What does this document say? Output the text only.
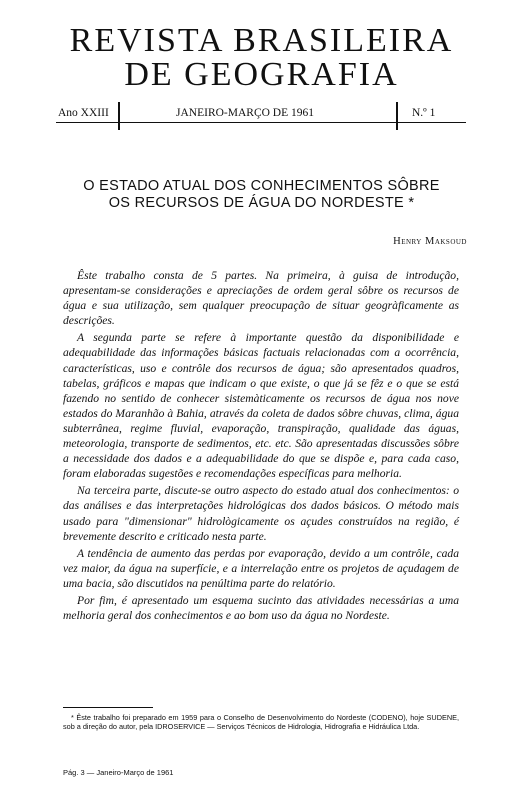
REVISTA BRASILEIRA
DE GEOGRAFIA
Ano XXIII	JANEIRO-MARÇO DE 1961	N.º 1
O ESTADO ATUAL DOS CONHECIMENTOS SÔBRE
OS RECURSOS DE ÁGUA DO NORDESTE *
Henry Maksoud

Êste trabalho consta de 5 partes. Na primeira, à guisa de introdução, apresentam-se considerações e apreciações de ordem geral sôbre os recursos de água e sua utilização, sem qualquer preocupação de situar geogràficamente as descrições.

A segunda parte se refere à importante questão da disponibilidade e adequabilidade das informações básicas factuais relacionadas com a ocorrência, características, uso e contrôle dos recursos de água; são apresentados quadros, tabelas, gráficos e mapas que indicam o que existe, o que já se fêz e o que se está fazendo no sentido de conhecer sistemàticamente os recursos de água nos nove estados do Maranhão à Bahia, através da coleta de dados sôbre chuvas, clima, água subterrânea, regime fluvial, evaporação, transpiração, qualidade das águas, meteorologia, transporte de sedimentos, etc. etc. São apresentadas discussões sôbre a necessidade dos dados e a adequabilidade do que se dispõe e, para cada caso, foram elaboradas sugestões e recomendações específicas para melhoria.

Na terceira parte, discute-se outro aspecto do estado atual dos conhecimentos: o das análises e das interpretações hidrológicas dos dados básicos. O método mais usado para "dimensionar" hidrològicamente os açudes construídos na região, é brevemente descrito e criticado nesta parte.

A tendência de aumento das perdas por evaporação, devido a um contrôle, cada vez maior, da água na superfície, e a interrelação entre os projetos de açudagem de uma bacia, são discutidos na penúltima parte do relatório.

Por fim, é apresentado um esquema sucinto das atividades necessárias a uma melhoria geral dos conhecimentos e ao bom uso da água no Nordeste.

* Êste trabalho foi preparado em 1959 para o Conselho de Desenvolvimento do Nordeste (CODENO), hoje SUDENE, sob a direção do autor, pela IDROSERVICE — Serviços Técnicos de Hidrologia, Hidrografia e Hidráulica Ltda.

Pág. 3 — Janeiro-Março de 1961
